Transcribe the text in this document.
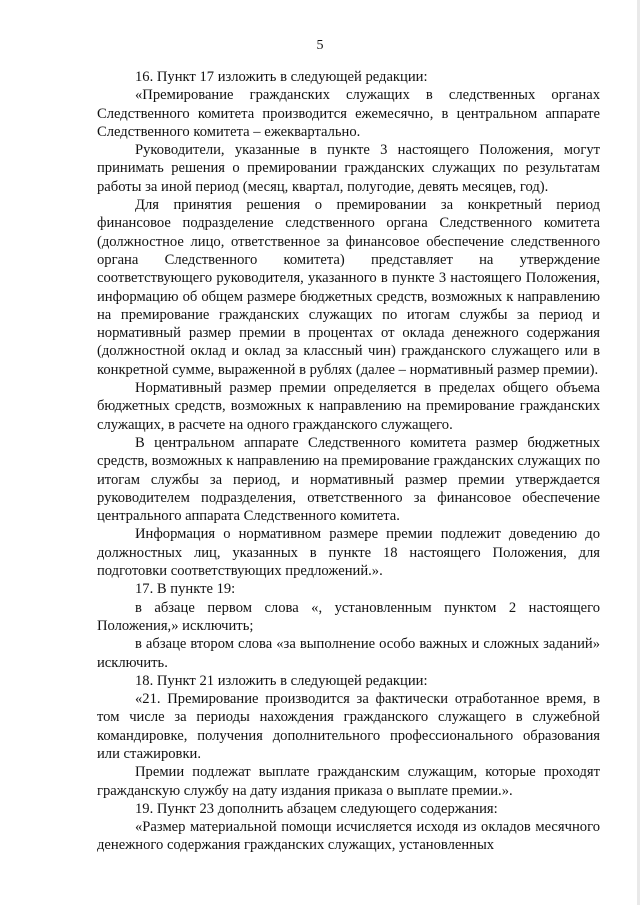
5

16. Пункт 17 изложить в следующей редакции:

«Премирование гражданских служащих в следственных органах Следственного комитета производится ежемесячно, в центральном аппарате Следственного комитета – ежеквартально.

Руководители, указанные в пункте 3 настоящего Положения, могут принимать решения о премировании гражданских служащих по результатам работы за иной период (месяц, квартал, полугодие, девять месяцев, год).

Для принятия решения о премировании за конкретный период финансовое подразделение следственного органа Следственного комитета (должностное лицо, ответственное за финансовое обеспечение следственного органа Следственного комитета) представляет на утверждение соответствующего руководителя, указанного в пункте 3 настоящего Положения, информацию об общем размере бюджетных средств, возможных к направлению на премирование гражданских служащих по итогам службы за период и нормативный размер премии в процентах от оклада денежного содержания (должностной оклад и оклад за классный чин) гражданского служащего или в конкретной сумме, выраженной в рублях (далее – нормативный размер премии).

Нормативный размер премии определяется в пределах общего объема бюджетных средств, возможных к направлению на премирование гражданских служащих, в расчете на одного гражданского служащего.

В центральном аппарате Следственного комитета размер бюджетных средств, возможных к направлению на премирование гражданских служащих по итогам службы за период, и нормативный размер премии утверждается руководителем подразделения, ответственного за финансовое обеспечение центрального аппарата Следственного комитета.

Информация о нормативном размере премии подлежит доведению до должностных лиц, указанных в пункте 18 настоящего Положения, для подготовки соответствующих предложений.».

17. В пункте 19:

в абзаце первом слова «, установленным пунктом 2 настоящего Положения,» исключить;

в абзаце втором слова «за выполнение особо важных и сложных заданий» исключить.

18. Пункт 21 изложить в следующей редакции:

«21. Премирование производится за фактически отработанное время, в том числе за периоды нахождения гражданского служащего в служебной командировке, получения дополнительного профессионального образования или стажировки.

Премии подлежат выплате гражданским служащим, которые проходят гражданскую службу на дату издания приказа о выплате премии.».

19. Пункт 23 дополнить абзацем следующего содержания:

«Размер материальной помощи исчисляется исходя из окладов месячного денежного содержания гражданских служащих, установленных
